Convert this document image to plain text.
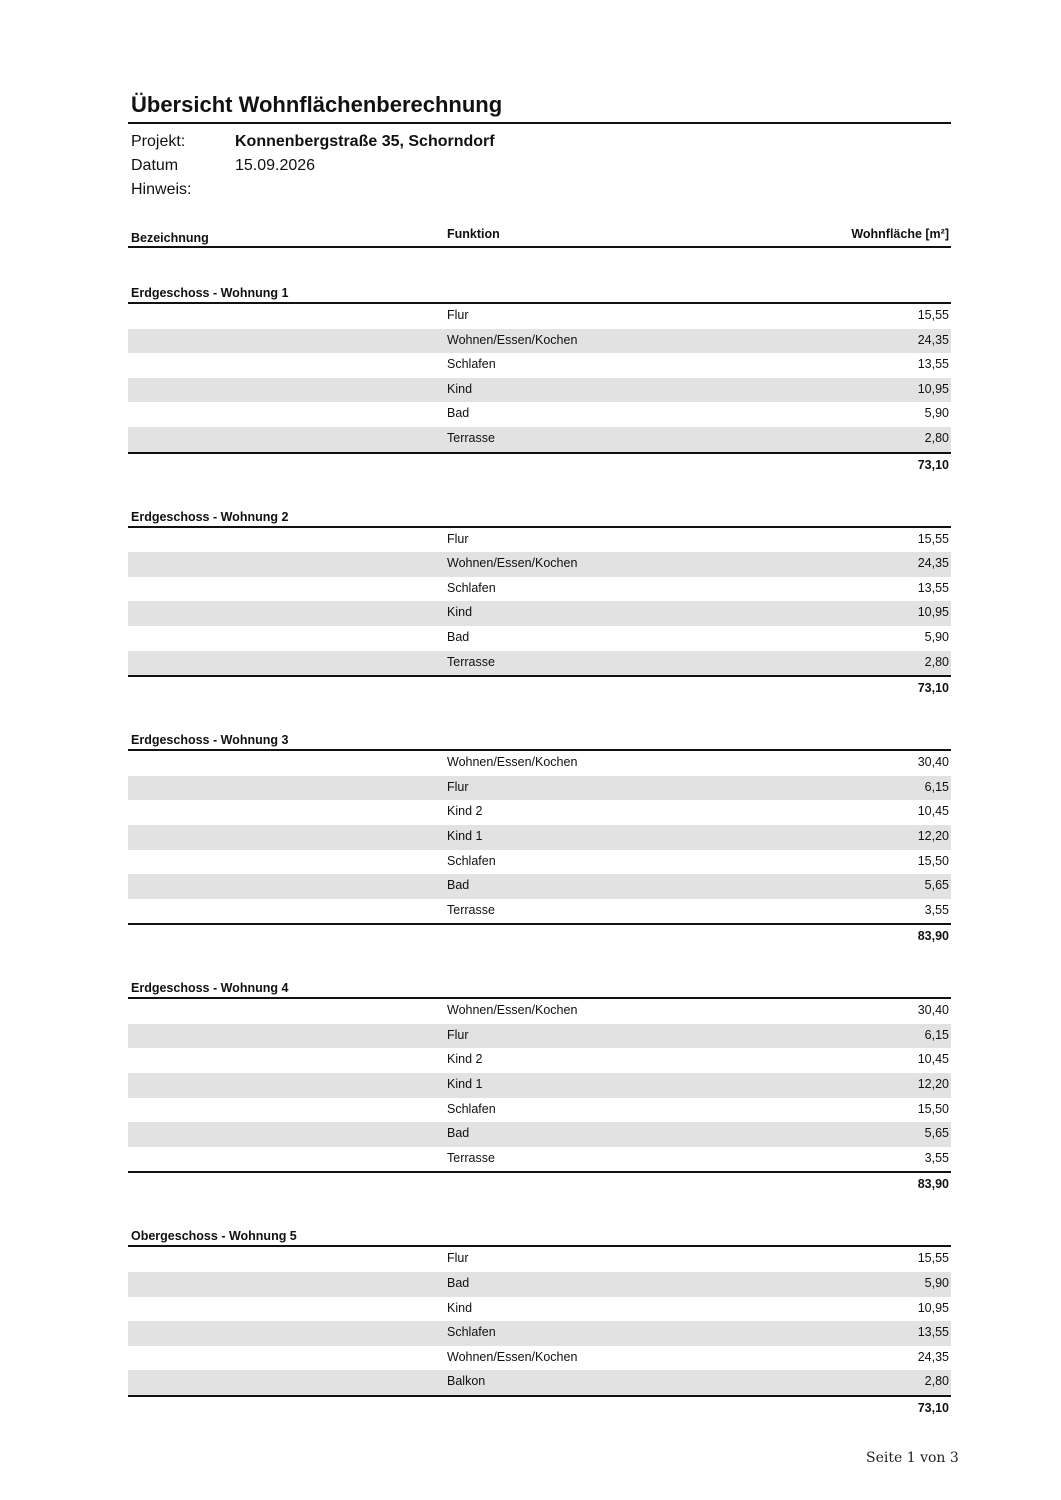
Übersicht Wohnflächenberechnung
Projekt:	Konnenbergstraße 35, Schorndorf
Datum	15.09.2026
Hinweis:
Bezeichnung	Funktion	Wohnfläche [m²]
Erdgeschoss - Wohnung 1
Flur	15,55
Wohnen/Essen/Kochen	24,35
Schlafen	13,55
Kind	10,95
Bad	5,90
Terrasse	2,80
73,10
Erdgeschoss - Wohnung 2
Flur	15,55
Wohnen/Essen/Kochen	24,35
Schlafen	13,55
Kind	10,95
Bad	5,90
Terrasse	2,80
73,10
Erdgeschoss - Wohnung 3
Wohnen/Essen/Kochen	30,40
Flur	6,15
Kind 2	10,45
Kind 1	12,20
Schlafen	15,50
Bad	5,65
Terrasse	3,55
83,90
Erdgeschoss - Wohnung 4
Wohnen/Essen/Kochen	30,40
Flur	6,15
Kind 2	10,45
Kind 1	12,20
Schlafen	15,50
Bad	5,65
Terrasse	3,55
83,90
Obergeschoss - Wohnung 5
Flur	15,55
Bad	5,90
Kind	10,95
Schlafen	13,55
Wohnen/Essen/Kochen	24,35
Balkon	2,80
73,10
Seite 1 von 3
